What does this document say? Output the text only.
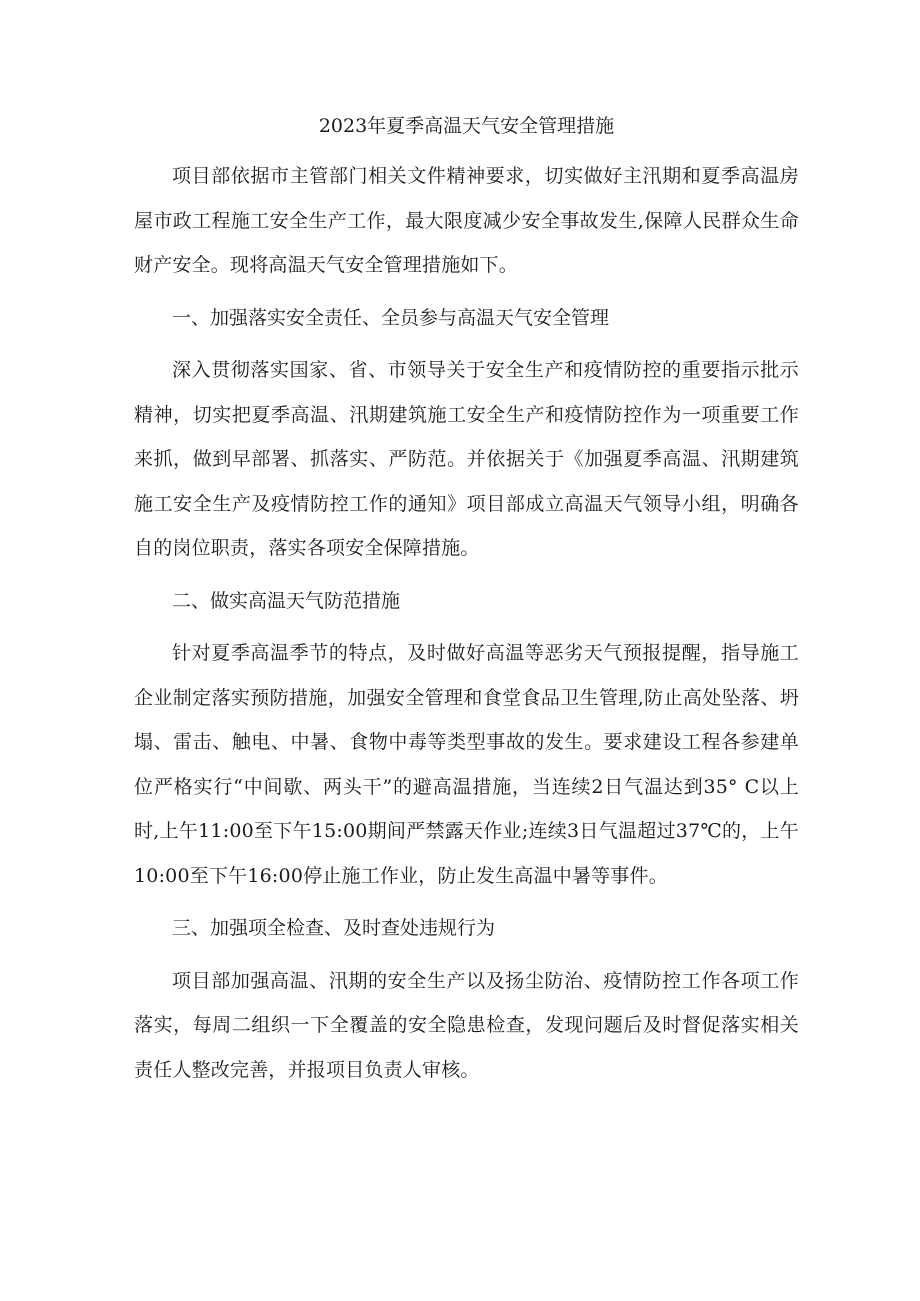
2023年夏季高温天气安全管理措施

项目部依据市主管部门相关文件精神要求，切实做好主汛期和夏季高温房屋市政工程施工安全生产工作，最大限度减少安全事故发生,保障人民群众生命财产安全。现将高温天气安全管理措施如下。

一、加强落实安全责任、全员参与高温天气安全管理

深入贯彻落实国家、省、市领导关于安全生产和疫情防控的重要指示批示精神，切实把夏季高温、汛期建筑施工安全生产和疫情防控作为一项重要工作来抓，做到早部署、抓落实、严防范。并依据关于《加强夏季高温、汛期建筑施工安全生产及疫情防控工作的通知》项目部成立高温天气领导小组，明确各自的岗位职责，落实各项安全保障措施。

二、做实高温天气防范措施

针对夏季高温季节的特点，及时做好高温等恶劣天气预报提醒，指导施工企业制定落实预防措施，加强安全管理和食堂食品卫生管理,防止高处坠落、坍塌、雷击、触电、中暑、食物中毒等类型事故的发生。要求建设工程各参建单位严格实行“中间歇、两头干”的避高温措施，当连续2日气温达到35° C以上时,上午11:00至下午15:00期间严禁露天作业;连续3日气温超过37℃的，上午10:00至下午16:00停止施工作业，防止发生高温中暑等事件。

三、加强项全检查、及时查处违规行为

项目部加强高温、汛期的安全生产以及扬尘防治、疫情防控工作各项工作落实，每周二组织一下全覆盖的安全隐患检查，发现问题后及时督促落实相关责任人整改完善，并报项目负责人审核。
